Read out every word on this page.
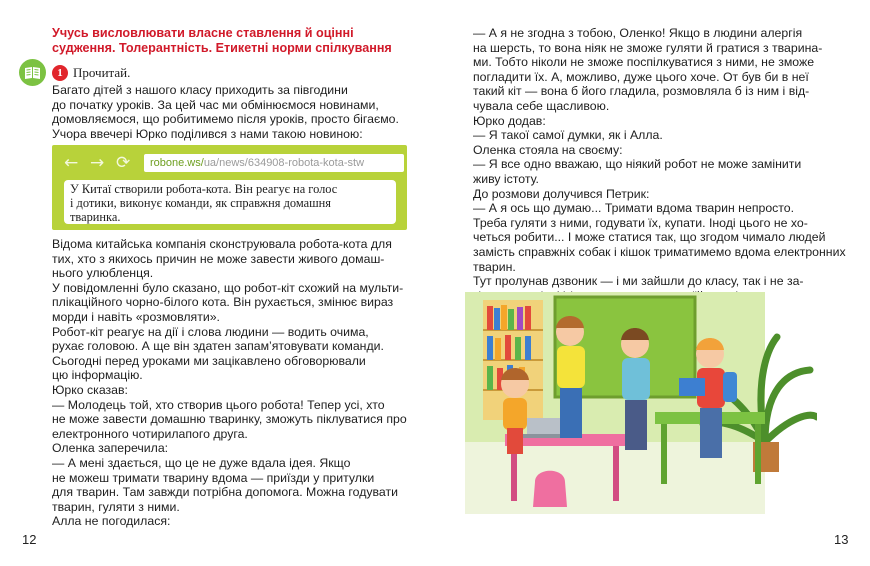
Учусь висловлювати власне ставлення й оцінні
судження. Толерантність. Етикетні норми спілкування
1 Прочитай.
Багато дітей з нашого класу приходить за півгодини
до початку уроків. За цей час ми обмінюємося новинами,
домовляємося, що робитимемо після уроків, просто бігаємо.
Учора ввечері Юрко поділився з нами такою новиною:
← → ⟳	robone.ws/ua/news/634908-robota-kota-stw
У Китаї створили робота-кота. Він реагує на голос
і дотики, виконує команди, як справжня домашня
тваринка.
Відома китайська компанія сконструювала робота-кота для
тих, хто з якихось причин не може завести живого домаш-
нього улюбленця.
У повідомленні було сказано, що робот-кіт схожий на мульти-
плікаційного чорно-білого кота. Він рухається, змінює вираз
морди і навіть «розмовляти».
Робот-кіт реагує на дії і слова людини — водить очима,
рухає головою. А ще він здатен запам’ятовувати команди.
Сьогодні перед уроками ми зацікавлено обговорювали
цю інформацію.
Юрко сказав:
— Молодець той, хто створив цього робота! Тепер усі, хто
не може завести домашню тваринку, зможуть піклуватися про
електронного чотирилапого друга.
Оленка заперечила:
— А мені здається, що це не дуже вдала ідея. Якщо
не можеш тримати тварину вдома — приїзди у притулки
для тварин. Там завжди потрібна допомога. Можна годувати
тварин, гуляти з ними.
Алла не погодилася:
12
— А я не згодна з тобою, Оленко! Якщо в людини алергія
на шерсть, то вона ніяк не зможе гуляти й гратися з тварина-
ми. Тобто ніколи не зможе поспілкуватися з ними, не зможе
погладити їх. А, можливо, дуже цього хоче. От був би в неї
такий кіт — вона б його гладила, розмовляла б із ним і від-
чувала себе щасливою.
Юрко додав:
— Я такої самої думки, як і Алла.
Оленка стояла на своєму:
— Я все одно вважаю, що ніякий робот не може замінити
живу істоту.
До розмови долучився Петрик:
— А я ось що думаю... Тримати вдома тварин непросто.
Треба гуляти з ними, годувати їх, купати. Іноді цього не хо-
четься робити... І може статися так, що згодом чимало людей
замість справжніх собак і кішок триматимемо вдома електронних
тварин.
Тут пролунав дзвоник — і ми зайшли до класу, так і не за-
13
